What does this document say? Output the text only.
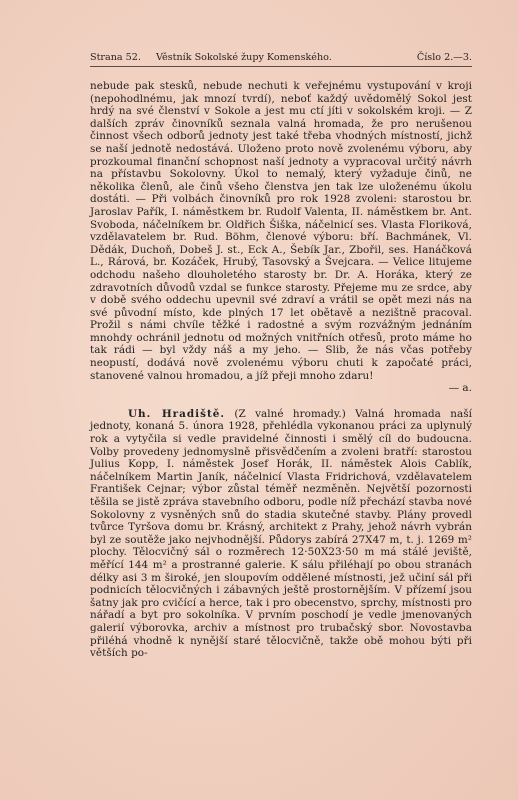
Strana 52. Věstník Sokolské župy Komenského.	Číslo 2.—3.

nebude pak stesků, nebude nechuti k veřejnému vystupování v kroji (nepohodlnému, jak mnozí tvrdí), neboť každý uvědomělý Sokol jest hrdý na své členství v Sokole a jest mu ctí jíti v sokolském kroji. — Z dalších zpráv činovníků seznala valná hromada, že pro nerušenou činnost všech odborů jednoty jest také třeba vhodných místností, jichž se naší jednotě nedostává. Uloženo proto nově zvolenému výboru, aby prozkoumal finanční schopnost naší jednoty a vypracoval určitý návrh na přístavbu Sokolovny. Úkol to nemalý, který vyžaduje činů, ne několika členů, ale činů všeho členstva jen tak lze uloženému úkolu dostáti. — Při volbách činovníků pro rok 1928 zvoleni: starostou br. Jaroslav Pařík, I. náměstkem br. Rudolf Valenta, II. náměstkem br. Ant. Svoboda, náčelníkem br. Oldřich Šiška, náčelnicí ses. Vlasta Floriková, vzdělavatelem br. Rud. Böhm, členové výboru: bří. Bachmánek, Vl. Dědák, Duchoň, Dobeš J. st., Eck A., Šebík Jar., Zbořil, ses. Hanáčková L., Rárová, br. Kozáček, Hrubý, Tasovský a Švejcara. — Velice litujeme odchodu našeho dlouholetého starosty br. Dr. A. Horáka, který ze zdravotních důvodů vzdal se funkce starosty. Přejeme mu ze srdce, aby v době svého oddechu upevnil své zdraví a vrátil se opět mezi nás na své původní místo, kde plných 17 let obětavě a nezištně pracoval. Prožil s námi chvíle těžké i radostné a svým rozvážným jednáním mnohdy ochránil jednotu od možných vnitřních otřesů, proto máme ho tak rádi — byl vždy náš a my jeho. — Slib, že nás včas potřeby neopustí, dodává nově zvolenému výboru chuti k započaté práci, stanovené valnou hromadou, a jíž přeji mnoho zdaru!

— a.

Uh. Hradiště. (Z valné hromady.) Valná hromada naší jednoty, konaná 5. února 1928, přehlédla vykonanou práci za uplynulý rok a vytyčila si vedle pravidelné činnosti i smělý cíl do budoucna. Volby provedeny jednomyslně přisvědčením a zvoleni bratří: starostou Julius Kopp, I. náměstek Josef Horák, II. náměstek Alois Cablík, náčelníkem Martin Janík, náčelnicí Vlasta Fridrichová, vzdělavatelem František Cejnar; výbor zůstal téměř nezměněn. Největší pozornosti těšila se jistě zpráva stavebního odboru, podle níž přechází stavba nové Sokolovny z vysněných snů do stadia skutečné stavby. Plány provedl tvůrce Tyršova domu br. Krásný, architekt z Prahy, jehož návrh vybrán byl ze soutěže jako nejvhodnější. Půdorys zabírá 27X47 m, t. j. 1269 m² plochy. Tělocvičný sál o rozměrech 12·50X23·50 m má stálé jeviště, měřící 144 m² a prostranné galerie. K sálu přiléhají po obou stranách délky asi 3 m široké, jen sloupovím oddělené místnosti, jež učiní sál při podnicích tělocvičných i zábavných ještě prostornějším. V přízemí jsou šatny jak pro cvičící a herce, tak i pro obecenstvo, sprchy, místnosti pro nářadí a byt pro sokolníka. V prvním poschodí je vedle jmenovaných galerií výborovka, archiv a místnost pro trubačský sbor. Novostavba přiléhá vhodně k nynější staré tělocvičně, takže obě mohou býti při větších po-
